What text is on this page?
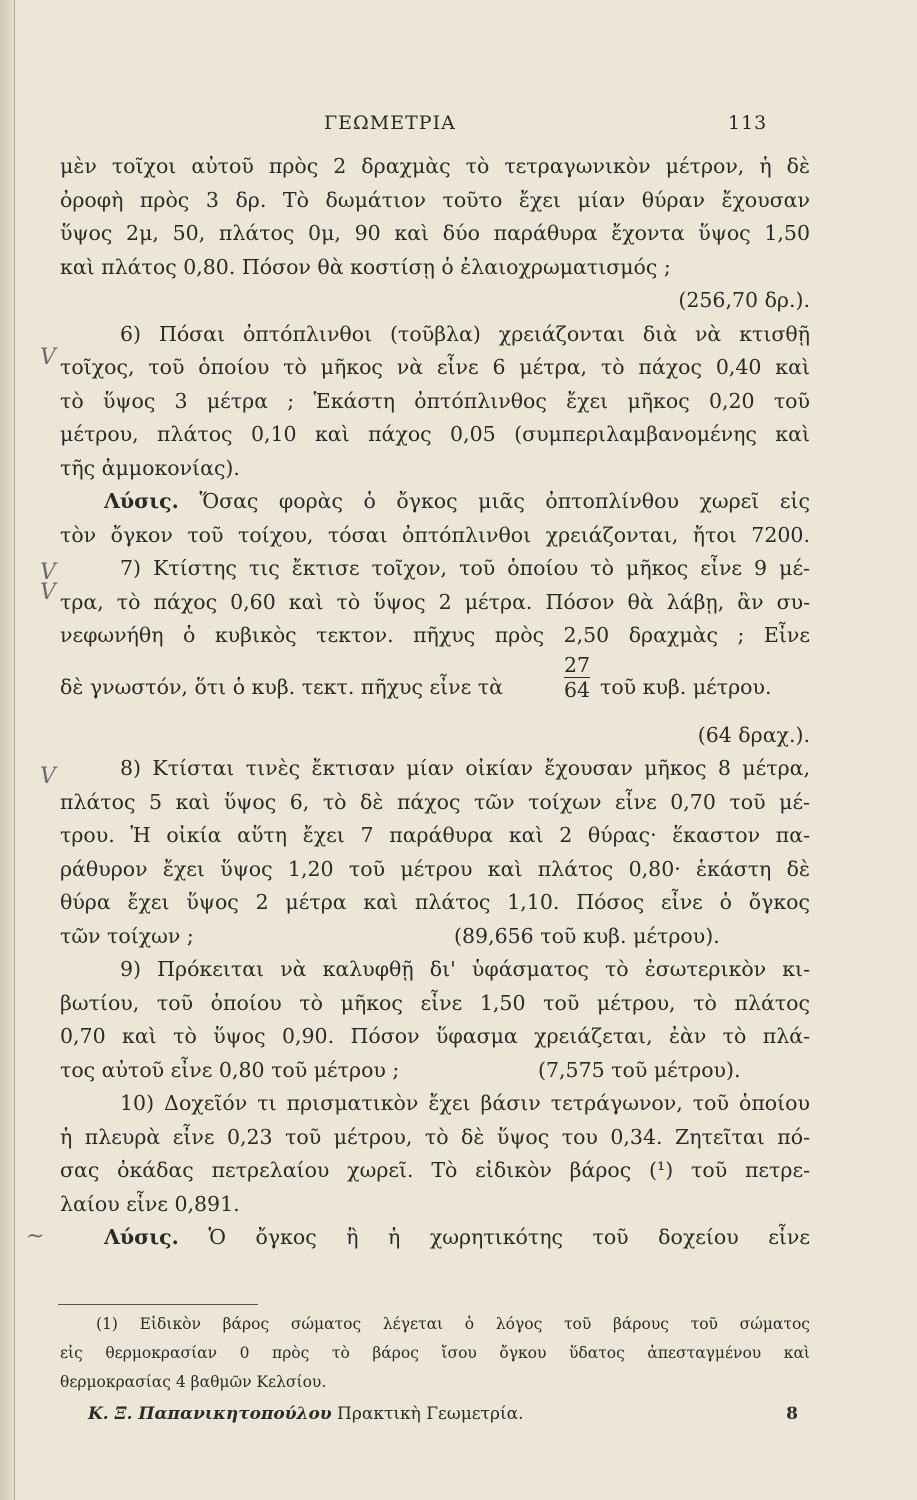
V
V
V
V
~
ΓΕΩΜΕΤΡΙΑ	113
μὲν τοῖχοι αὐτοῦ πρὸς 2 δραχμὰς τὸ τετραγωνικὸν μέτρον, ἡ δὲ
ὀροφὴ πρὸς 3 δρ. Τὸ δωμάτιον τοῦτο ἔχει μίαν θύραν ἔχουσαν
ὕψος 2μ, 50, πλάτος 0μ, 90 καὶ δύο παράθυρα ἔχοντα ὕψος 1,50
καὶ πλάτος 0,80. Πόσον θὰ κοστίσῃ ὁ ἐλαιοχρωματισμός ;
(256,70 δρ.).
6) Πόσαι ὀπτόπλινθοι (τοῦβλα) χρειάζονται διὰ νὰ κτισθῇ
τοῖχος, τοῦ ὁποίου τὸ μῆκος νὰ εἶνε 6 μέτρα, τὸ πάχος 0,40 καὶ
τὸ ὕψος 3 μέτρα ; Ἑκάστη ὀπτόπλινθος ἔχει μῆκος 0,20 τοῦ
μέτρου, πλάτος 0,10 καὶ πάχος 0,05 (συμπεριλαμβανομένης καὶ
τῆς ἀμμοκονίας).
Λύσις. Ὅσας φορὰς ὁ ὄγκος μιᾶς ὀπτοπλίνθου χωρεῖ εἰς
τὸν ὄγκον τοῦ τοίχου, τόσαι ὀπτόπλινθοι χρειάζονται, ἤτοι 7200.
7) Κτίστης τις ἔκτισε τοῖχον, τοῦ ὁποίου τὸ μῆκος εἶνε 9 μέ-
τρα, τὸ πάχος 0,60 καὶ τὸ ὕψος 2 μέτρα. Πόσον θὰ λάβῃ, ἂν συ-
νεφωνήθη ὁ κυβικὸς τεκτον. πῆχυς πρὸς 2,50 δραχμὰς ; Εἶνε
δὲ γνωστόν, ὅτι ὁ κυβ. τεκτ. πῆχυς εἶνε τὰ	$\frac{27}{64}$ τοῦ κυβ. μέτρου.
(64 δραχ.).
8) Κτίσται τινὲς ἔκτισαν μίαν οἰκίαν ἔχουσαν μῆκος 8 μέτρα,
πλάτος 5 καὶ ὕψος 6, τὸ δὲ πάχος τῶν τοίχων εἶνε 0,70 τοῦ μέ-
τρου. Ἡ οἰκία αὕτη ἔχει 7 παράθυρα καὶ 2 θύρας· ἕκαστον πα-
ράθυρον ἔχει ὕψος 1,20 τοῦ μέτρου καὶ πλάτος 0,80· ἑκάστη δὲ
θύρα ἔχει ὕψος 2 μέτρα καὶ πλάτος 1,10. Πόσος εἶνε ὁ ὄγκος
τῶν τοίχων ;	(89,656 τοῦ κυβ. μέτρου).
9) Πρόκειται νὰ καλυφθῇ δι' ὑφάσματος τὸ ἐσωτερικὸν κι-
βωτίου, τοῦ ὁποίου τὸ μῆκος εἶνε 1,50 τοῦ μέτρου, τὸ πλάτος
0,70 καὶ τὸ ὕψος 0,90. Πόσον ὕφασμα χρειάζεται, ἐὰν τὸ πλά-
τος αὐτοῦ εἶνε 0,80 τοῦ μέτρου ;	(7,575 τοῦ μέτρου).
10) Δοχεῖόν τι πρισματικὸν ἔχει βάσιν τετράγωνον, τοῦ ὁποίου
ἡ πλευρὰ εἶνε 0,23 τοῦ μέτρου, τὸ δὲ ὕψος του 0,34. Ζητεῖται πό-
σας ὀκάδας πετρελαίου χωρεῖ. Τὸ εἰδικὸν βάρος (¹) τοῦ πετρε-
λαίου εἶνε 0,891.
Λύσις. Ὁ ὄγκος ἢ ἡ χωρητικότης τοῦ δοχείου εἶνε
(1) Εἰδικὸν βάρος σώματος λέγεται ὁ λόγος τοῦ βάρους τοῦ σώματος
εἰς θερμοκρασίαν 0 πρὸς τὸ βάρος ἴσου ὄγκου ὕδατος ἀπεσταγμένου καὶ
θερμοκρασίας 4 βαθμῶν Κελσίου.
Κ. Ξ. Παπανικητοπούλου Πρακτικὴ Γεωμετρία.	8
